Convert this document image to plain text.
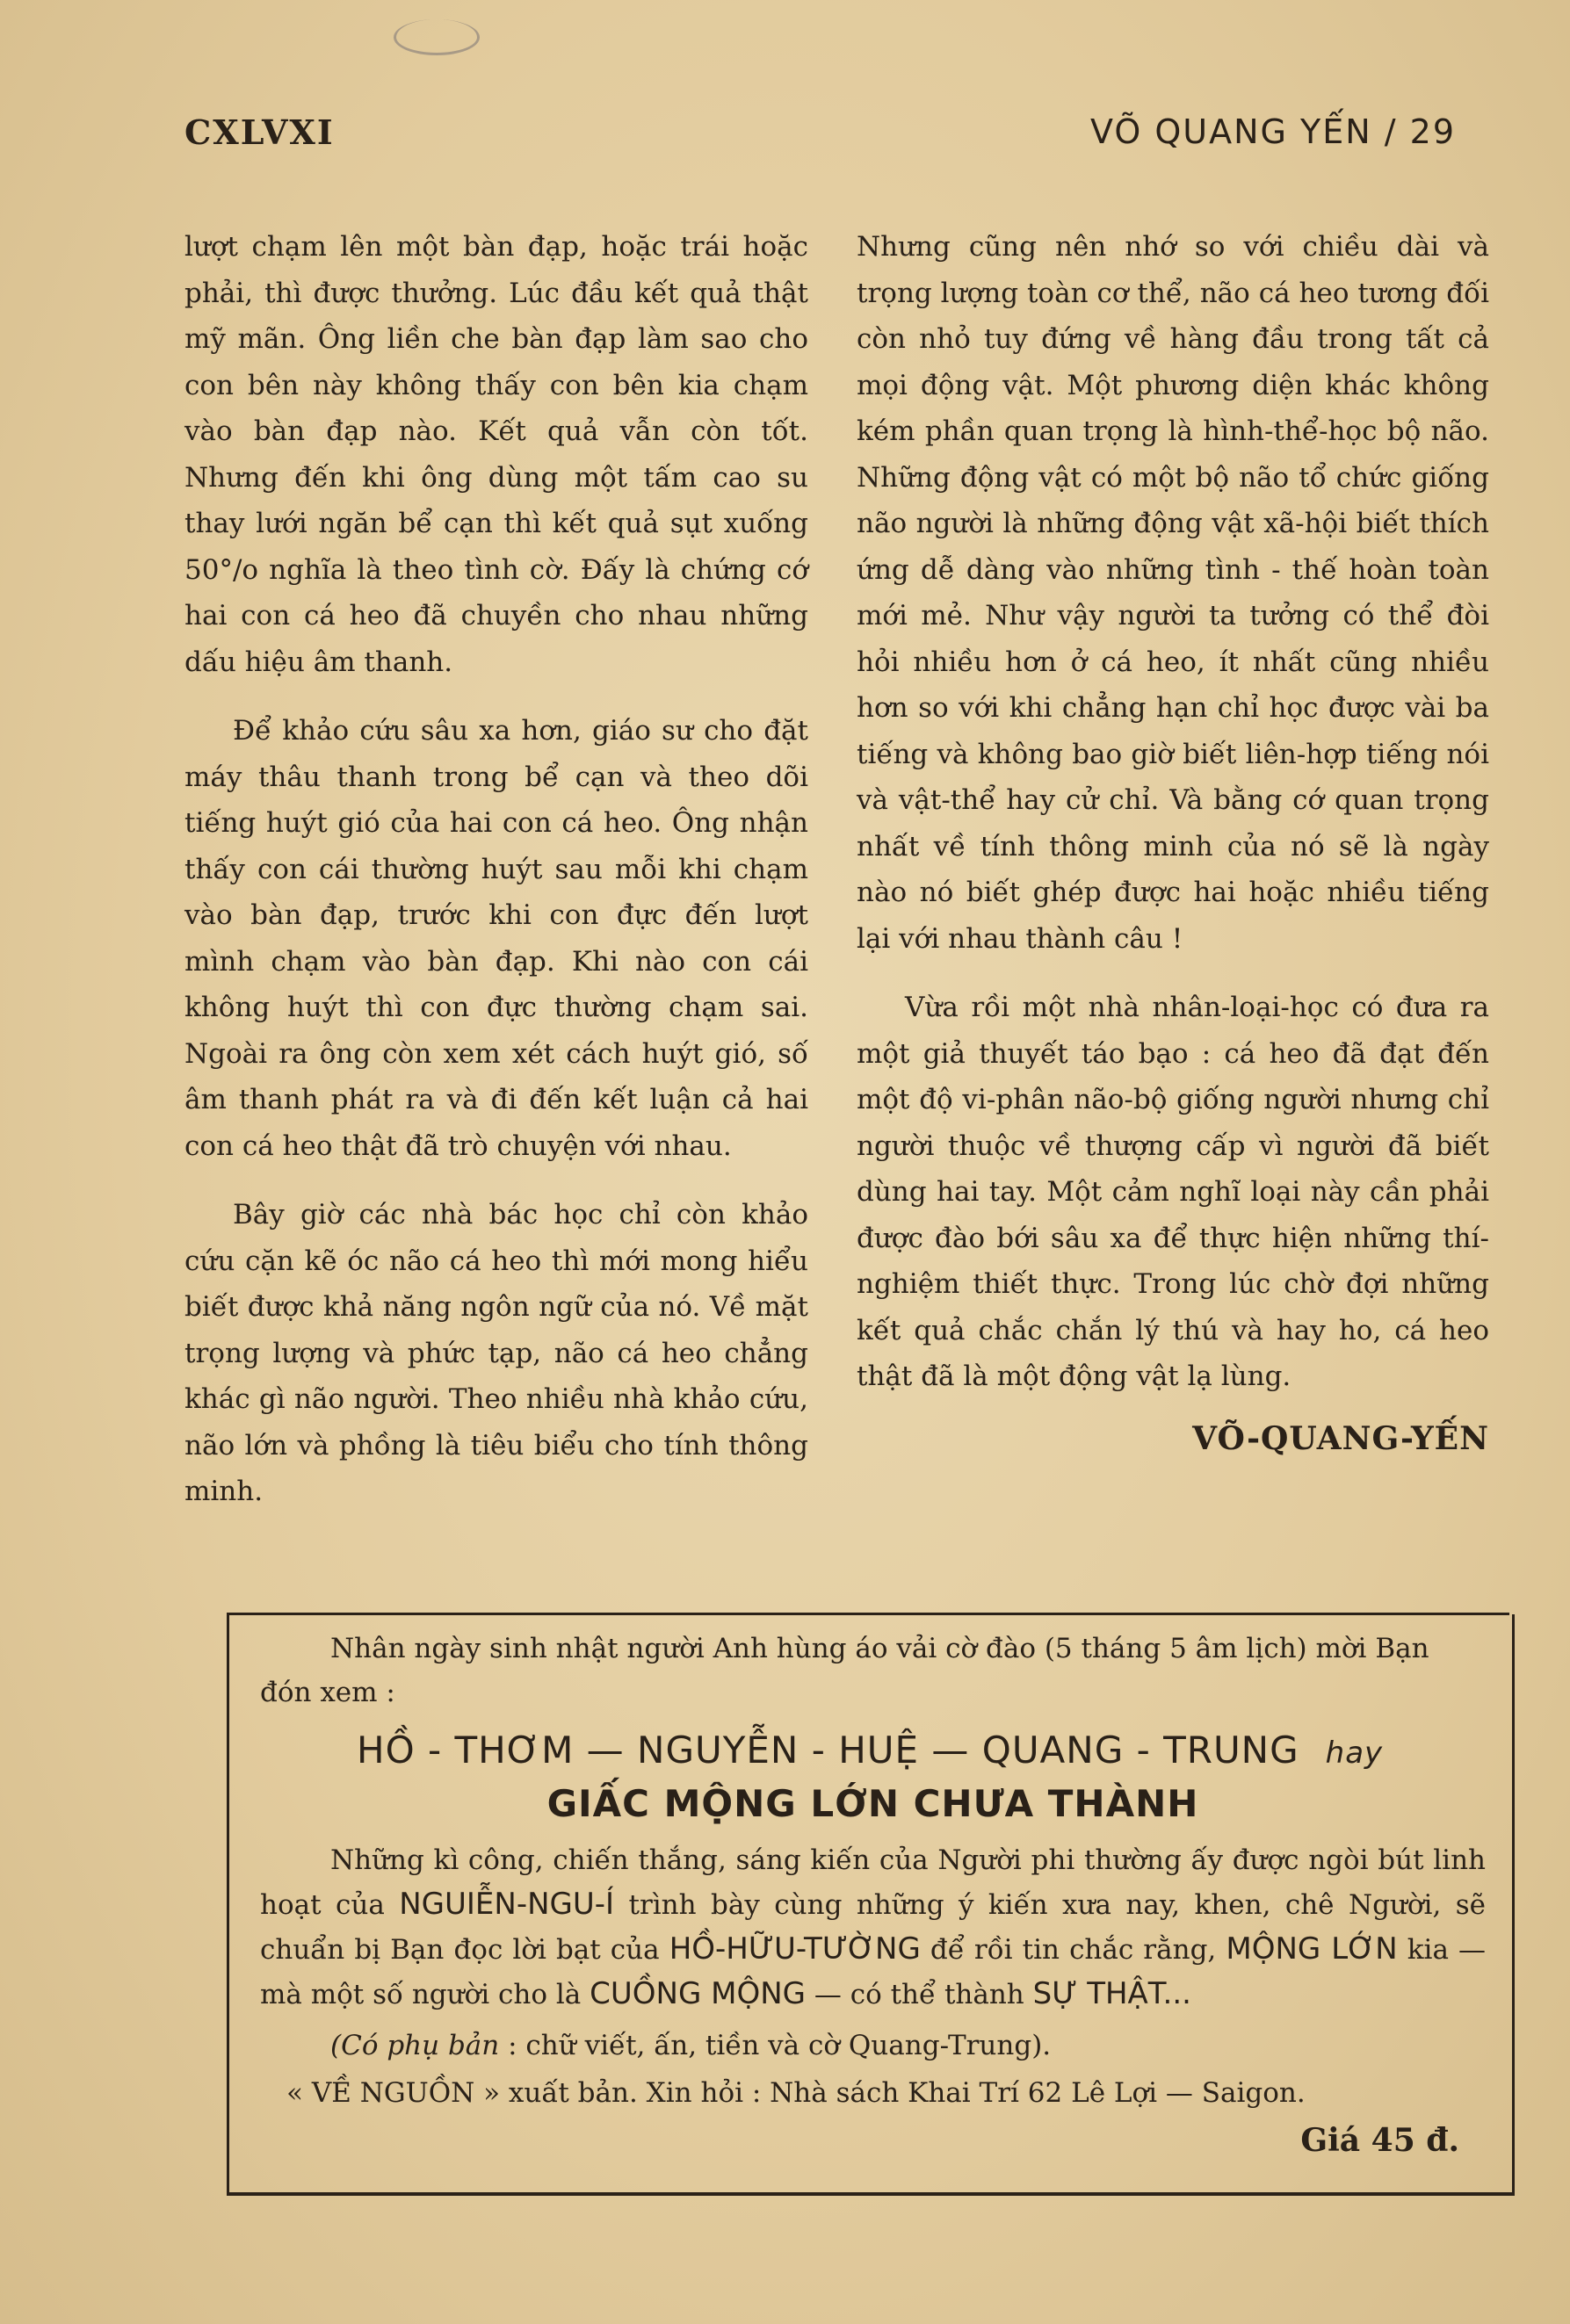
CXLVXI	VÕ QUANG YẾN / 29

lượt chạm lên một bàn đạp, hoặc trái hoặc phải, thì được thưởng. Lúc đầu kết quả thật mỹ mãn. Ông liền che bàn đạp làm sao cho con bên này không thấy con bên kia chạm vào bàn đạp nào. Kết quả vẫn còn tốt. Nhưng đến khi ông dùng một tấm cao su thay lưới ngăn bể cạn thì kết quả sụt xuống 50°/o nghĩa là theo tình cờ. Đấy là chứng cớ hai con cá heo đã chuyền cho nhau những dấu hiệu âm thanh.

Để khảo cứu sâu xa hơn, giáo sư cho đặt máy thâu thanh trong bể cạn và theo dõi tiếng huýt gió của hai con cá heo. Ông nhận thấy con cái thường huýt sau mỗi khi chạm vào bàn đạp, trước khi con đực đến lượt mình chạm vào bàn đạp. Khi nào con cái không huýt thì con đực thường chạm sai. Ngoài ra ông còn xem xét cách huýt gió, số âm thanh phát ra và đi đến kết luận cả hai con cá heo thật đã trò chuyện với nhau.

Bây giờ các nhà bác học chỉ còn khảo cứu cặn kẽ óc não cá heo thì mới mong hiểu biết được khả năng ngôn ngữ của nó. Về mặt trọng lượng và phức tạp, não cá heo chẳng khác gì não người. Theo nhiều nhà khảo cứu, não lớn và phồng là tiêu biểu cho tính thông minh.

Nhưng cũng nên nhớ so với chiều dài và trọng lượng toàn cơ thể, não cá heo tương đối còn nhỏ tuy đứng về hàng đầu trong tất cả mọi động vật. Một phương diện khác không kém phần quan trọng là hình-thể-học bộ não. Những động vật có một bộ não tổ chức giống não người là những động vật xã-hội biết thích ứng dễ dàng vào những tình - thế hoàn toàn mới mẻ. Như vậy người ta tưởng có thể đòi hỏi nhiều hơn ở cá heo, ít nhất cũng nhiều hơn so với khi chẳng hạn chỉ học được vài ba tiếng và không bao giờ biết liên-hợp tiếng nói và vật-thể hay cử chỉ. Và bằng cớ quan trọng nhất về tính thông minh của nó sẽ là ngày nào nó biết ghép được hai hoặc nhiều tiếng lại với nhau thành câu !

Vừa rồi một nhà nhân-loại-học có đưa ra một giả thuyết táo bạo : cá heo đã đạt đến một độ vi-phân não-bộ giống người nhưng chỉ người thuộc về thượng cấp vì người đã biết dùng hai tay. Một cảm nghĩ loại này cần phải được đào bới sâu xa để thực hiện những thí-nghiệm thiết thực. Trong lúc chờ đợi những kết quả chắc chắn lý thú và hay ho, cá heo thật đã là một động vật lạ lùng.

VÕ-QUANG-YẾN

Nhân ngày sinh nhật người Anh hùng áo vải cờ đào (5 tháng 5 âm lịch) mời Bạn đón xem :

HỒ - THƠM — NGUYỄN - HUỆ — QUANG - TRUNG hay

GIẤC MỘNG LỚN CHƯA THÀNH

Những kì công, chiến thắng, sáng kiến của Người phi thường ấy được ngòi bút linh hoạt của NGUIỄN-NGU-Í trình bày cùng những ý kiến xưa nay, khen, chê Người, sẽ chuẩn bị Bạn đọc lời bạt của HỒ-HỮU-TƯỜNG để rồi tin chắc rằng, MỘNG LỚN kia — mà một số người cho là CUỒNG MỘNG — có thể thành SỰ THẬT...

(Có phụ bản : chữ viết, ấn, tiền và cờ Quang-Trung).

« VỀ NGUỒN » xuất bản. Xin hỏi : Nhà sách Khai Trí 62 Lê Lợi — Saigon.

Giá 45 đ.
